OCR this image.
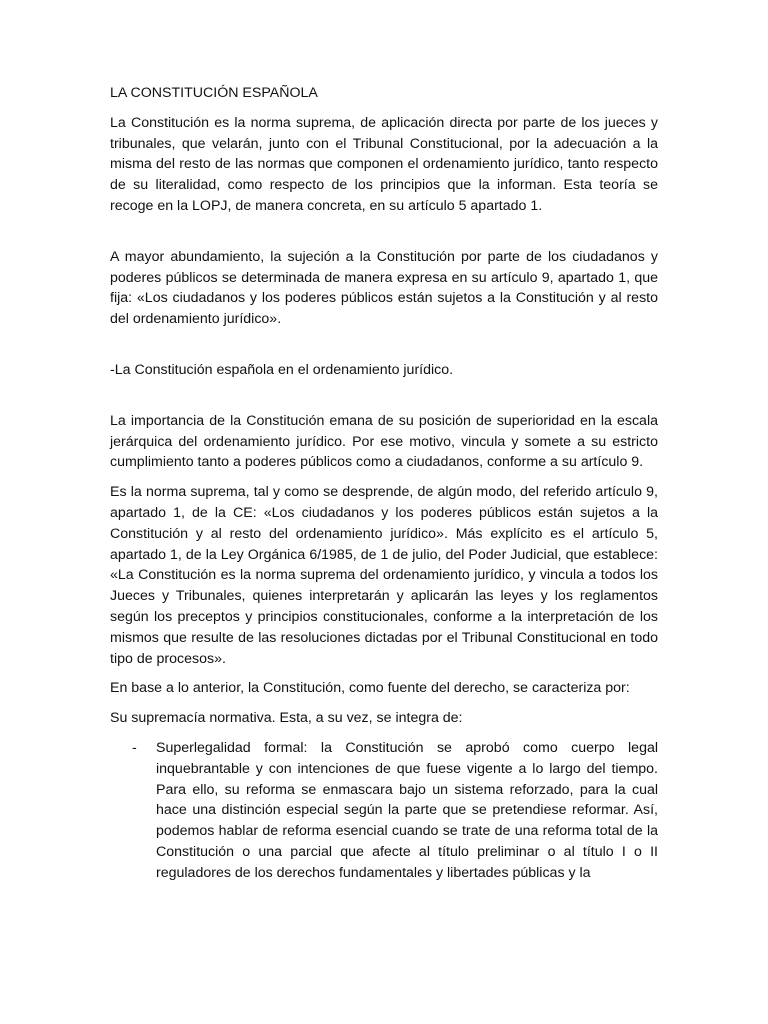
LA CONSTITUCIÓN ESPAÑOLA

La Constitución es la norma suprema, de aplicación directa por parte de los jueces y tribunales, que velarán, junto con el Tribunal Constitucional, por la adecuación a la misma del resto de las normas que componen el ordenamiento jurídico, tanto respecto de su literalidad, como respecto de los principios que la informan. Esta teoría se recoge en la LOPJ, de manera concreta, en su artículo 5 apartado 1.

A mayor abundamiento, la sujeción a la Constitución por parte de los ciudadanos y poderes públicos se determinada de manera expresa en su artículo 9, apartado 1, que fija: «Los ciudadanos y los poderes públicos están sujetos a la Constitución y al resto del ordenamiento jurídico».

-La Constitución española en el ordenamiento jurídico.

La importancia de la Constitución emana de su posición de superioridad en la escala jerárquica del ordenamiento jurídico. Por ese motivo, vincula y somete a su estricto cumplimiento tanto a poderes públicos como a ciudadanos, conforme a su artículo 9.

Es la norma suprema, tal y como se desprende, de algún modo, del referido artículo 9, apartado 1, de la CE: «Los ciudadanos y los poderes públicos están sujetos a la Constitución y al resto del ordenamiento jurídico». Más explícito es el artículo 5, apartado 1, de la Ley Orgánica 6/1985, de 1 de julio, del Poder Judicial, que establece: «La Constitución es la norma suprema del ordenamiento jurídico, y vincula a todos los Jueces y Tribunales, quienes interpretarán y aplicarán las leyes y los reglamentos según los preceptos y principios constitucionales, conforme a la interpretación de los mismos que resulte de las resoluciones dictadas por el Tribunal Constitucional en todo tipo de procesos».

En base a lo anterior, la Constitución, como fuente del derecho, se caracteriza por:

Su supremacía normativa. Esta, a su vez, se integra de:

- Superlegalidad formal: la Constitución se aprobó como cuerpo legal inquebrantable y con intenciones de que fuese vigente a lo largo del tiempo. Para ello, su reforma se enmascara bajo un sistema reforzado, para la cual hace una distinción especial según la parte que se pretendiese reformar. Así, podemos hablar de reforma esencial cuando se trate de una reforma total de la Constitución o una parcial que afecte al título preliminar o al título I o II reguladores de los derechos fundamentales y libertades públicas y la
